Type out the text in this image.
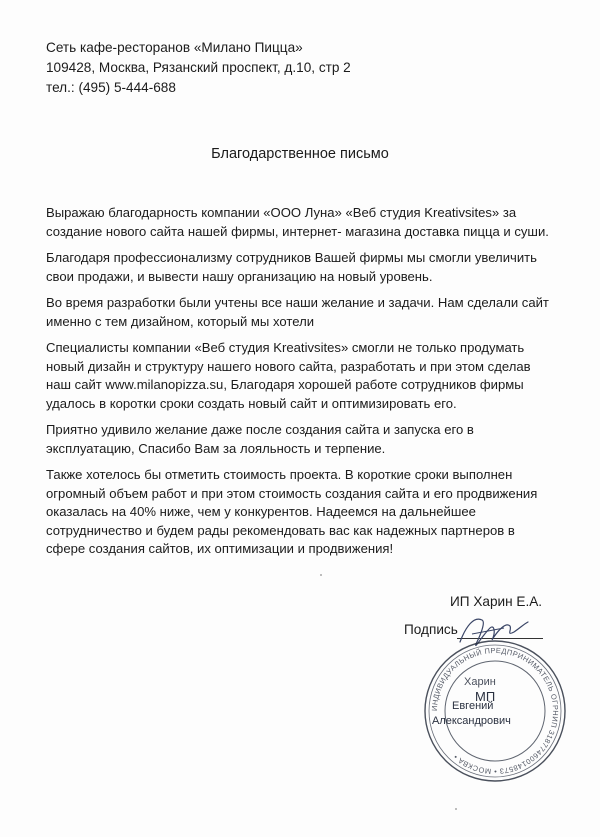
Сеть кафе-ресторанов «Милано Пицца»
109428, Москва, Рязанский проспект, д.10, стр 2
тел.: (495) 5-444-688
Благодарственное письмо
Выражаю благодарность компании «ООО Луна» «Веб студия Kreativsites» за
создание нового сайта нашей фирмы, интернет- магазина доставка пицца и суши.
Благодаря профессионализму сотрудников Вашей фирмы мы смогли увеличить
свои продажи, и вывести нашу организацию на новый уровень.
Во время разработки были учтены все наши желание и задачи. Нам сделали сайт
именно с тем дизайном, который мы хотели
Специалисты компании «Веб студия Kreativsites» смогли не только продумать
новый дизайн и структуру нашего нового сайта, разработать и при этом сделав
наш сайт www.milanopizza.su, Благодаря хорошей работе сотрудников фирмы
удалось в коротки сроки создать новый сайт и оптимизировать его.
Приятно удивило желание даже после создания сайта и запуска его в
эксплуатацию, Спасибо Вам за лояльность и терпение.
Также хотелось бы отметить стоимость проекта. В короткие сроки выполнен
огромный объем работ и при этом стоимость создания сайта и его продвижения
оказалась на 40% ниже, чем у конкурентов. Надеемся на дальнейшее
сотрудничество и будем рады рекомендовать вас как надежных партнеров в
сфере создания сайтов, их оптимизации и продвижения!
ИП Харин Е.А.
Подпись
ИНДИВИДУАЛЬНЫЙ ПРЕДПРИНИМАТЕЛЬ ОГРНИП 318774600148573 • МОСКВА •
МП
Харин
Евгений
Александрович
